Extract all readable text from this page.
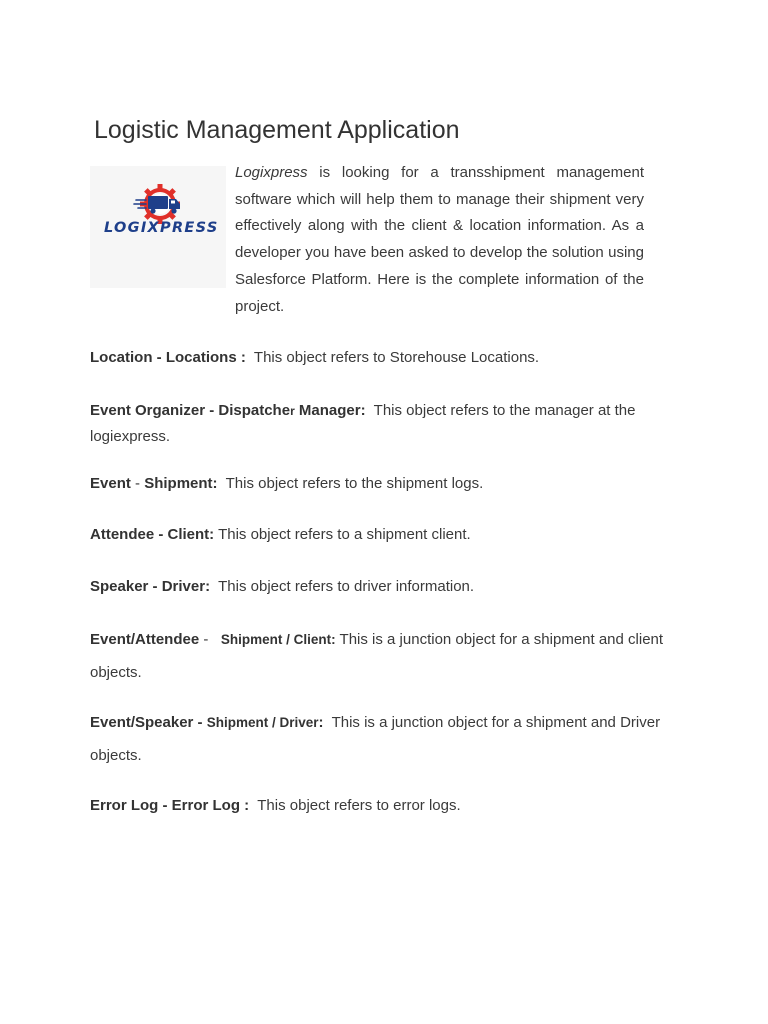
Logistic Management Application
LOGIXPRESS

Logixpress is looking for a transshipment management software which will help them to manage their shipment very effectively along with the client & location information. As a developer you have been asked to develop the solution using Salesforce Platform. Here is the complete information of the project.

Location - Locations : This object refers to Storehouse Locations.

Event Organizer - Dispatcher Manager: This object refers to the manager at the logiexpress.

Event - Shipment: This object refers to the shipment logs.

Attendee - Client: This object refers to a shipment client.

Speaker - Driver: This object refers to driver information.

Event/Attendee -   Shipment / Client: This is a junction object for a shipment and client objects.

Event/Speaker - Shipment / Driver: This is a junction object for a shipment and Driver objects.

Error Log - Error Log : This object refers to error logs.
